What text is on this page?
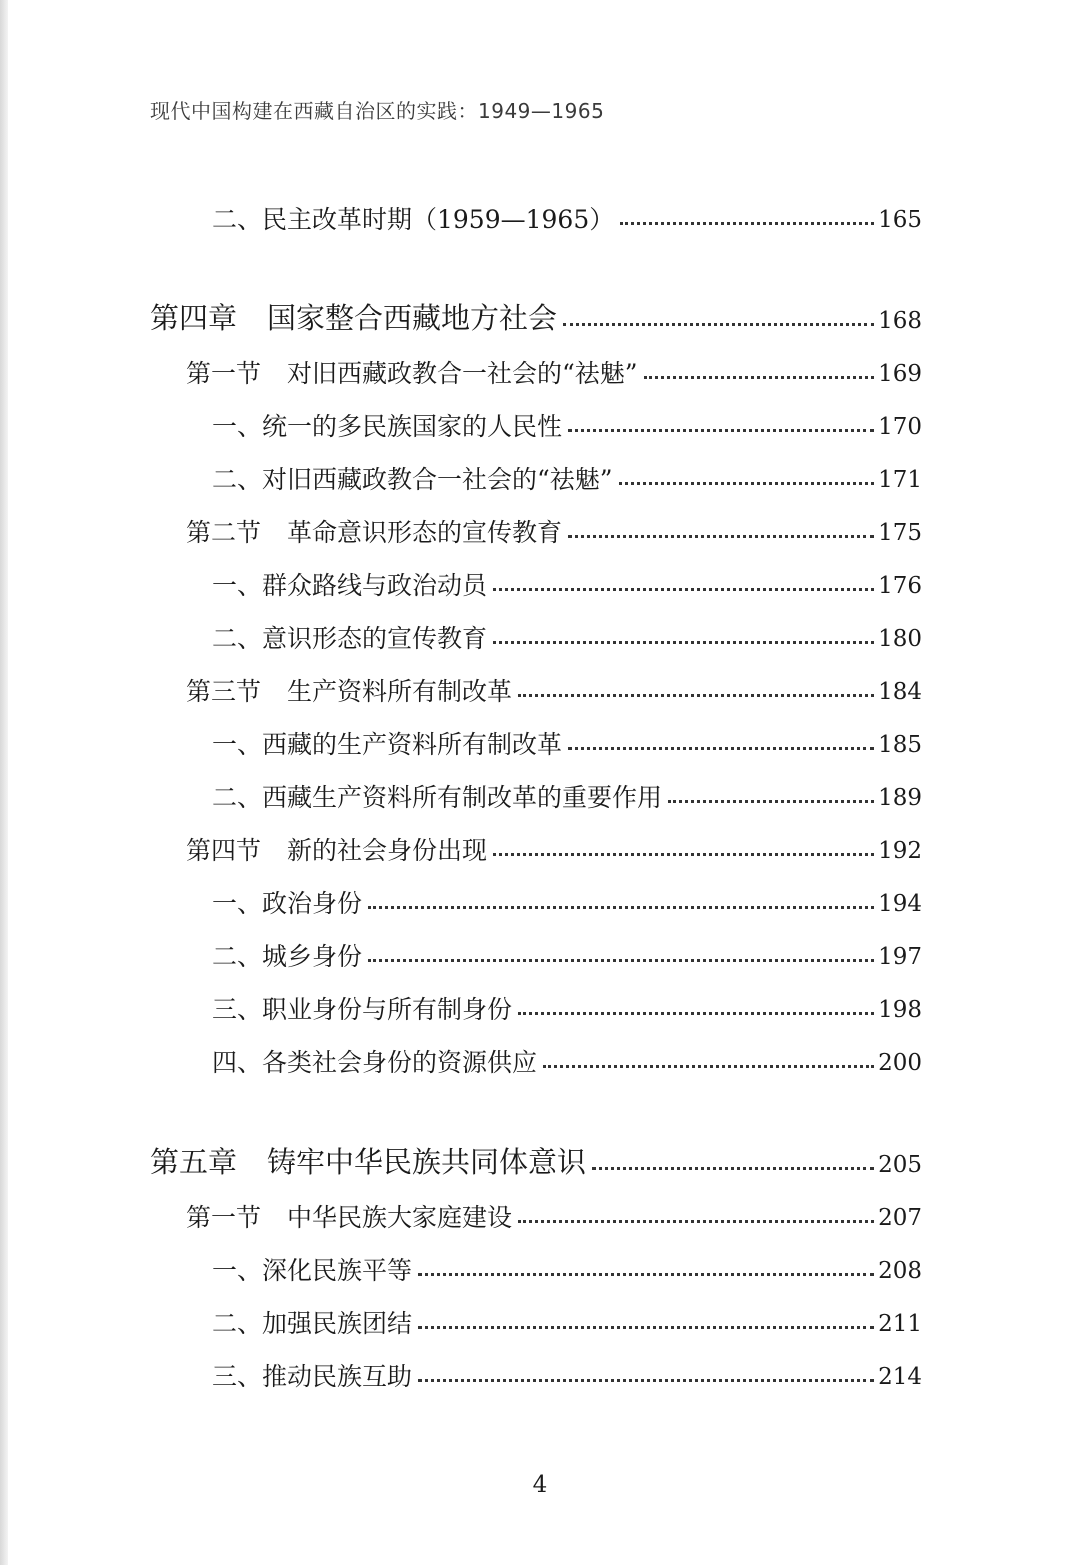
现代中国构建在西藏自治区的实践：1949—1965
二、民主改革时期（1959—1965）	165
第四章 国家整合西藏地方社会	168
第一节 对旧西藏政教合一社会的“祛魅”	169
一、统一的多民族国家的人民性	170
二、对旧西藏政教合一社会的“祛魅”	171
第二节 革命意识形态的宣传教育	175
一、群众路线与政治动员	176
二、意识形态的宣传教育	180
第三节 生产资料所有制改革	184
一、西藏的生产资料所有制改革	185
二、西藏生产资料所有制改革的重要作用	189
第四节 新的社会身份出现	192
一、政治身份	194
二、城乡身份	197
三、职业身份与所有制身份	198
四、各类社会身份的资源供应	200
第五章 铸牢中华民族共同体意识	205
第一节 中华民族大家庭建设	207
一、深化民族平等	208
二、加强民族团结	211
三、推动民族互助	214
4
